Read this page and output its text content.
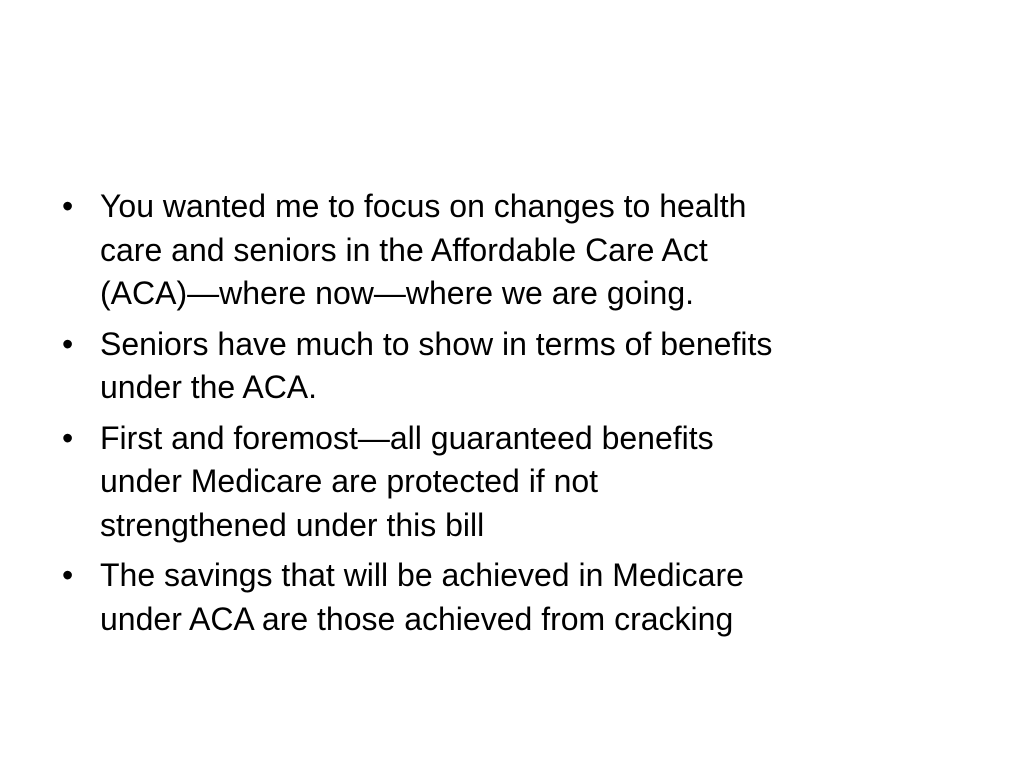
• You wanted me to focus on changes to health
care and seniors in the Affordable Care Act
(ACA)—where now—where we are going.
• Seniors have much to show in terms of benefits
under the ACA.
• First and foremost—all guaranteed benefits
under Medicare are protected if not
strengthened under this bill
• The savings that will be achieved in Medicare
under ACA are those achieved from cracking
